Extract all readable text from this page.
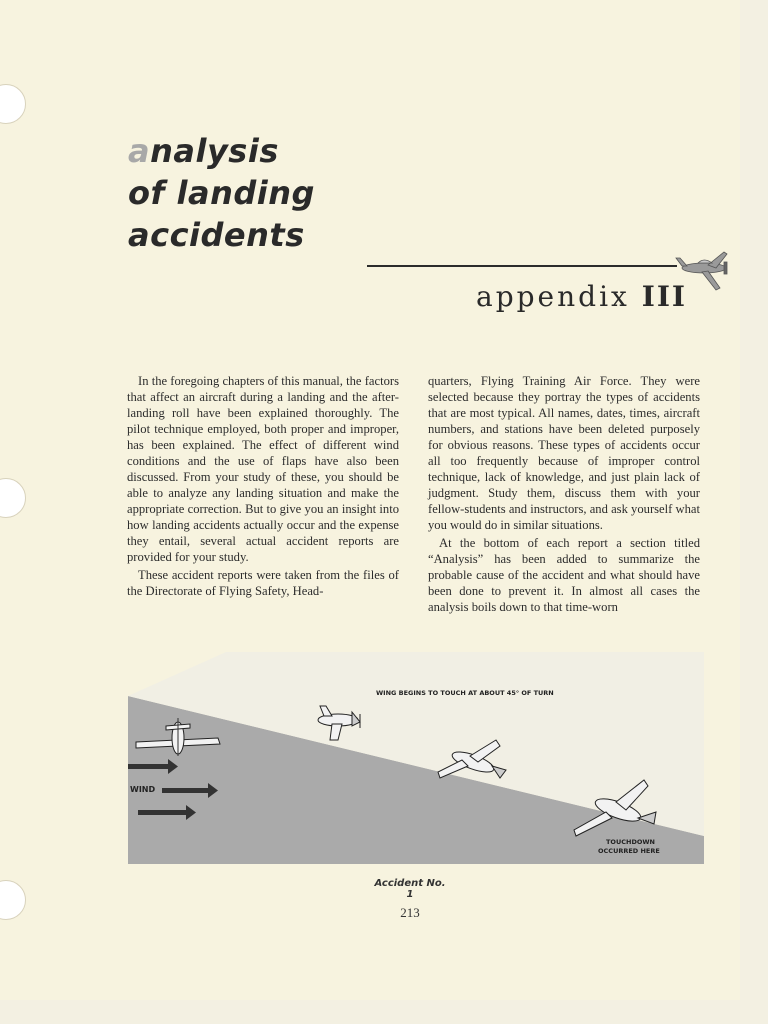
analysis
of landing
accidents
appendix III

In the foregoing chapters of this manual, the factors that affect an aircraft during a landing and the after-landing roll have been explained thoroughly. The pilot technique employed, both proper and improper, has been explained. The effect of different wind conditions and the use of flaps have also been discussed. From your study of these, you should be able to analyze any landing situation and make the appropriate correction. But to give you an insight into how landing accidents actually occur and the expense they entail, several actual accident reports are provided for your study.

These accident reports were taken from the files of the Directorate of Flying Safety, Head-

quarters, Flying Training Air Force. They were selected because they portray the types of accidents that are most typical. All names, dates, times, aircraft numbers, and stations have been deleted purposely for obvious reasons. These types of accidents occur all too frequently because of improper control technique, lack of knowledge, and just plain lack of judgment. Study them, discuss them with your fellow-students and instructors, and ask yourself what you would do in similar situations.

At the bottom of each report a section titled “Analysis” has been added to summarize the probable cause of the accident and what should have been done to prevent it. In almost all cases the analysis boils down to that time-worn

WING BEGINS TO TOUCH AT ABOUT 45° OF TURN
WIND
TOUCHDOWN
OCCURRED HERE
Accident No. 1
213
